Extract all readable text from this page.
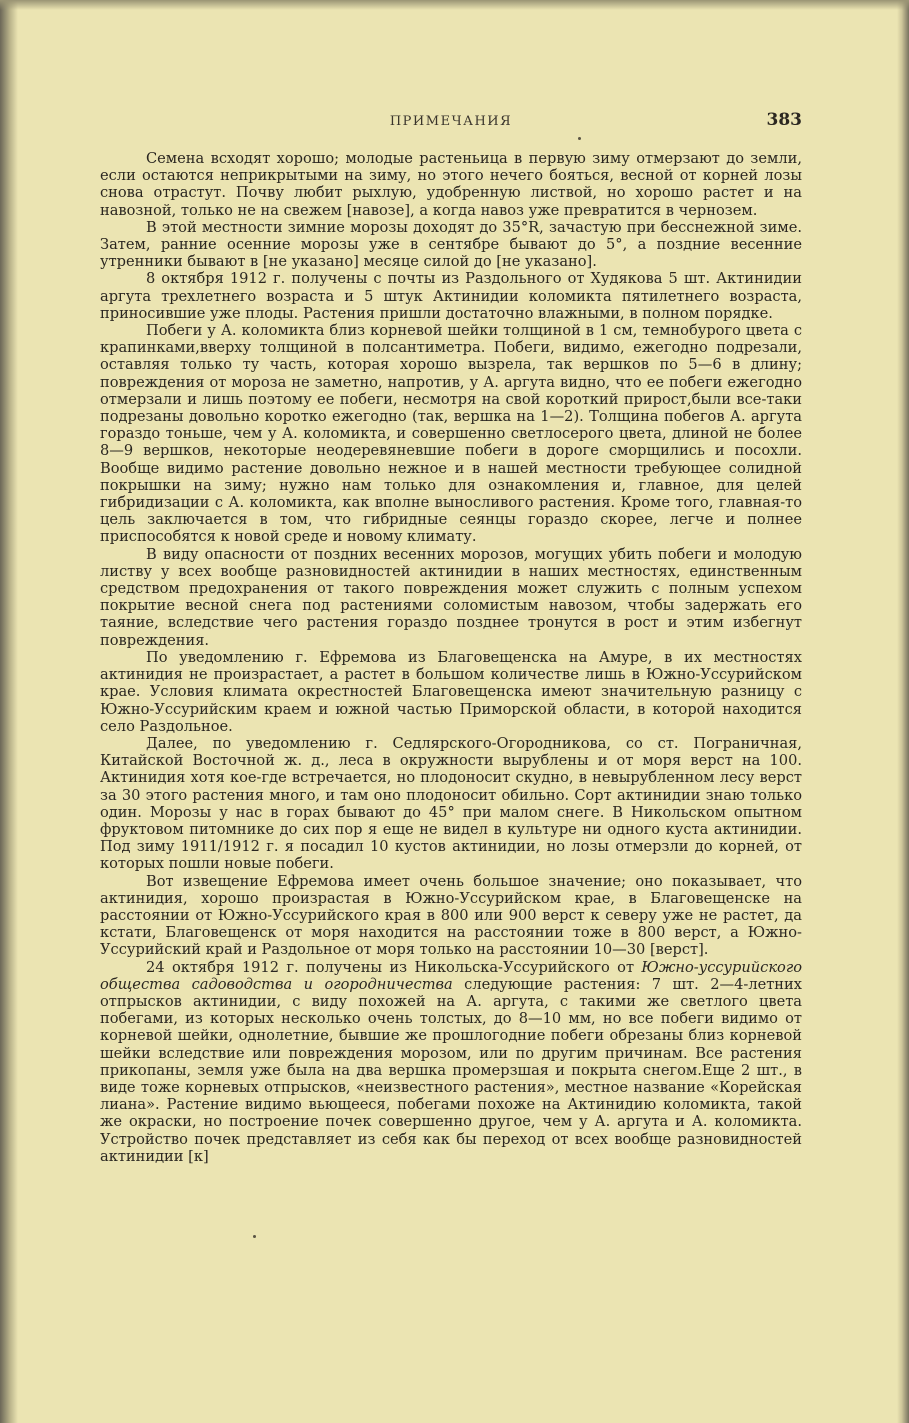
ПРИМЕЧАНИЯ	383

Семена всходят хорошо; молодые растеньица в первую зиму отмерзают до земли, если остаются неприкрытыми на зиму, но этого нечего бояться, весной от корней лозы снова отрастут. Почву любит рыхлую, удобренную листвой, но хорошо растет и на навозной, только не на свежем [навозе], а когда навоз уже превратится в чернозем.

В этой местности зимние морозы доходят до 35°R, зачастую при бесснежной зиме. Затем, ранние осенние морозы уже в сентябре бывают до 5°, а поздние весенние утренники бывают в [не указано] месяце силой до [не указано].

8 октября 1912 г. получены с почты из Раздольного от Худякова 5 шт. Актинидии аргута трехлетнего возраста и 5 штук Актинидии коломикта пятилетнего возраста, приносившие уже плоды. Растения пришли достаточно влажными, в полном порядке.

Побеги у А. коломикта близ корневой шейки толщиной в 1 см, темнобурого цвета с крапинками,вверху толщиной в полсантиметра. Побеги, видимо, ежегодно подрезали, оставляя только ту часть, которая хорошо вызрела, так вершков по 5—6 в длину; повреждения от мороза не заметно, напротив, у А. аргута видно, что ее побеги ежегодно отмерзали и лишь поэтому ее побеги, несмотря на свой короткий прирост,были все-таки подрезаны довольно коротко ежегодно (так, вершка на 1—2). Толщина побегов А. аргута гораздо тоньше, чем у А. коломикта, и совершенно светлосерого цвета, длиной не более 8—9 вершков, некоторые неодеревяневшие побеги в дороге сморщились и посохли. Вообще видимо растение довольно нежное и в нашей местности требующее солидной покрышки на зиму; нужно нам только для ознакомления и, главное, для целей гибридизации с А. коломикта, как вполне выносливого растения. Кроме того, главная-то цель заключается в том, что гибридные сеянцы гораздо скорее, легче и полнее приспособятся к новой среде и новому климату.

В виду опасности от поздних весенних морозов, могущих убить побеги и молодую листву у всех вообще разновидностей актинидии в наших местностях, единственным средством предохранения от такого повреждения может служить с полным успехом покрытие весной снега под растениями соломистым навозом, чтобы задержать его таяние, вследствие чего растения гораздо позднее тронутся в рост и этим избегнут повреждения.

По уведомлению г. Ефремова из Благовещенска на Амуре, в их местностях актинидия не произрастает, а растет в большом количестве лишь в Южно-Уссурийском крае. Условия климата окрестностей Благовещенска имеют значительную разницу с Южно-Уссурийским краем и южной частью Приморской области, в которой находится село Раздольное.

Далее, по уведомлению г. Седлярского-Огородникова, со ст. Пограничная, Китайской Восточной ж. д., леса в окружности вырублены и от моря верст на 100. Актинидия хотя кое-где встречается, но плодоносит скудно, в невырубленном лесу верст за 30 этого растения много, и там оно плодоносит обильно. Сорт актинидии знаю только один. Морозы у нас в горах бывают до 45° при малом снеге. В Никольском опытном фруктовом питомнике до сих пор я еще не видел в культуре ни одного куста актинидии. Под зиму 1911/1912 г. я посадил 10 кустов актинидии, но лозы отмерзли до корней, от которых пошли новые побеги.

Вот извещение Ефремова имеет очень большое значение; оно показывает, что актинидия, хорошо произрастая в Южно-Уссурийском крае, в Благовещенске на расстоянии от Южно-Уссурийского края в 800 или 900 верст к северу уже не растет, да кстати, Благовещенск от моря находится на расстоянии тоже в 800 верст, а Южно-Уссурийский край и Раздольное от моря только на расстоянии 10—30 [верст].

24 октября 1912 г. получены из Никольска-Уссурийского от Южно-уссурийского общества садоводства и огородничества следующие растения: 7 шт. 2—4-летних отпрысков актинидии, с виду похожей на А. аргута, с такими же светлого цвета побегами, из которых несколько очень толстых, до 8—10 мм, но все побеги видимо от корневой шейки, однолетние, бывшие же прошлогодние побеги обрезаны близ корневой шейки вследствие или повреждения морозом, или по другим причинам. Все растения прикопаны, земля уже была на два вершка промерзшая и покрыта снегом.Еще 2 шт., в виде тоже корневых отпрысков, «неизвестного растения», местное название «Корейская лиана». Растение видимо вьющееся, побегами похоже на Актинидию коломикта, такой же окраски, но построение почек совершенно другое, чем у А. аргута и А. коломикта. Устройство почек представляет из себя как бы переход от всех вообще разновидностей актинидии [к]
